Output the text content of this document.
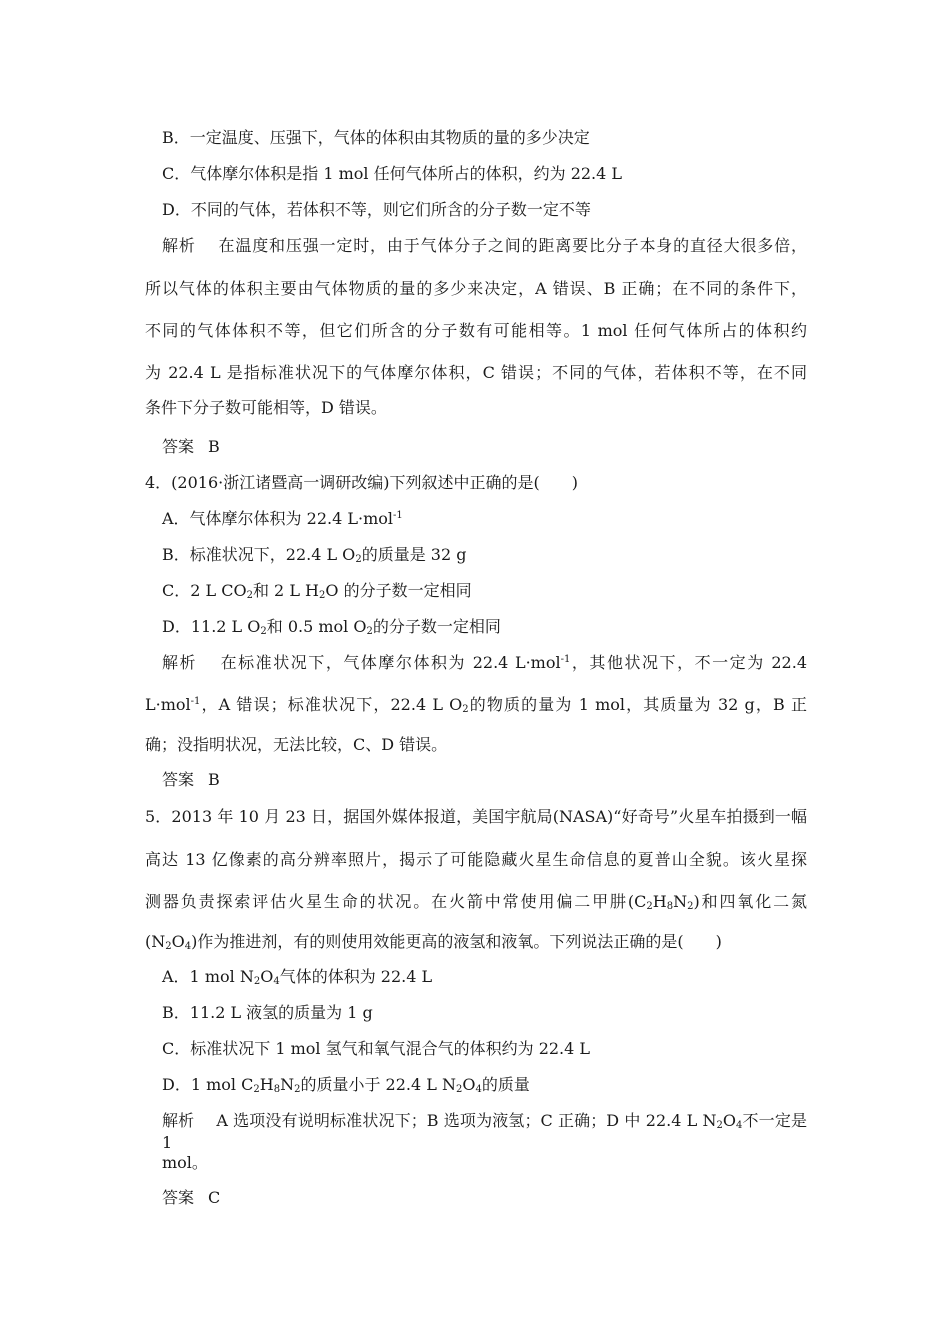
B．一定温度、压强下，气体的体积由其物质的量的多少决定
C．气体摩尔体积是指 1 mol 任何气体所占的体积，约为 22.4 L
D．不同的气体，若体积不等，则它们所含的分子数一定不等
解析 在温度和压强一定时，由于气体分子之间的距离要比分子本身的直径大很多倍，
所以气体的体积主要由气体物质的量的多少来决定，A 错误、B 正确；在不同的条件下，
不同的气体体积不等，但它们所含的分子数有可能相等。1 mol 任何气体所占的体积约
为 22.4 L 是指标准状况下的气体摩尔体积，C 错误；不同的气体，若体积不等，在不同
条件下分子数可能相等，D 错误。
答案 B
4．(2016·浙江诸暨高一调研改编)下列叙述中正确的是(　　)
A．气体摩尔体积为 22.4 L·mol$^{-1}$
B．标准状况下，22.4 L $O_2$的质量是 32 g
C．2 L $CO_2$和 2 L $H_2O$ 的分子数一定相同
D．11.2 L $O_2$和 0.5 mol $O_2$的分子数一定相同
解析 在标准状况下，气体摩尔体积为 22.4 L·mol$^{-1}$，其他状况下，不一定为 22.4
L·mol$^{-1}$，A 错误；标准状况下，22.4 L $O_2$的物质的量为 1 mol，其质量为 32 g，B 正
确；没指明状况，无法比较，C、D 错误。
答案 B
5．2013 年 10 月 23 日，据国外媒体报道，美国宇航局(NASA)“好奇号”火星车拍摄到一幅
高达 13 亿像素的高分辨率照片，揭示了可能隐藏火星生命信息的夏普山全貌。该火星探
测器负责探索评估火星生命的状况。在火箭中常使用偏二甲肼$(C_2H_8N_2)$和四氧化二氮
$(N_2O_4)$作为推进剂，有的则使用效能更高的液氢和液氧。下列说法正确的是(　　)
A．1 mol $N_2O_4$气体的体积为 22.4 L
B．11.2 L 液氢的质量为 1 g
C．标准状况下 1 mol 氢气和氧气混合气的体积约为 22.4 L
D．1 mol $C_2H_8N_2$的质量小于 22.4 L $N_2O_4$的质量
解析 A 选项没有说明标准状况下；B 选项为液氢；C 正确；D 中 22.4 L $N_2O_4$不一定是 1
mol。
答案 C
